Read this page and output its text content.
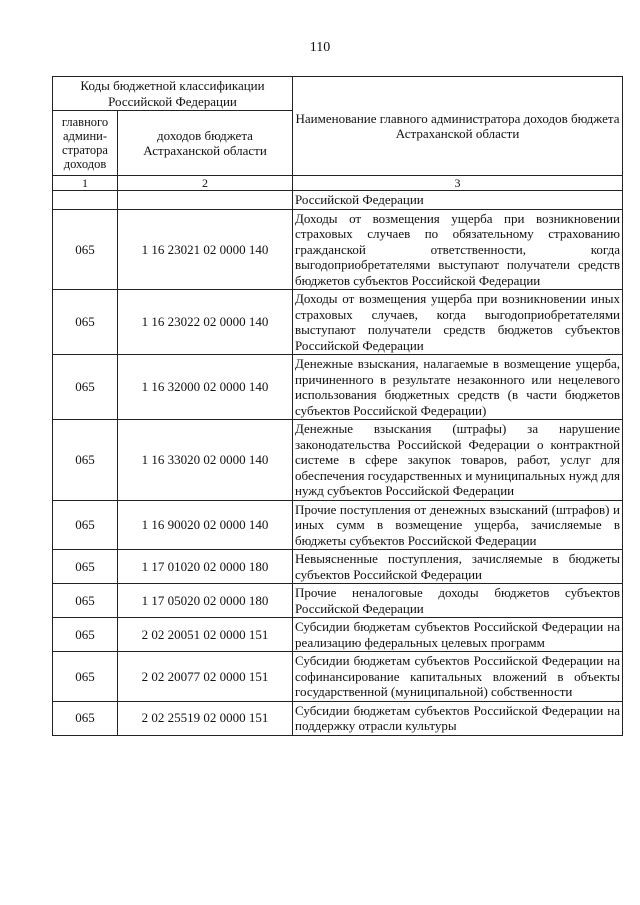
110
Коды бюджетной классификации Российской Федерации		Наименование главного администратора доходов бюджета Астраханской области
главного админи-стратора доходов	доходов бюджета Астраханской области	
1	2	3
		Российской Федерации
065	1 16 23021 02 0000 140	Доходы от возмещения ущерба при возникновении страховых случаев по обязательному страхованию гражданской ответственности, когда выгодоприобретателями выступают получатели средств бюджетов субъектов Российской Федерации
065	1 16 23022 02 0000 140	Доходы от возмещения ущерба при возникновении иных страховых случаев, когда выгодоприобретателями выступают получатели средств бюджетов субъектов Российской Федерации
065	1 16 32000 02 0000 140	Денежные взыскания, налагаемые в возмещение ущерба, причиненного в результате незаконного или нецелевого использования бюджетных средств (в части бюджетов субъектов Российской Федерации)
065	1 16 33020 02 0000 140	Денежные взыскания (штрафы) за нарушение законодательства Российской Федерации о контрактной системе в сфере закупок товаров, работ, услуг для обеспечения государственных и муниципальных нужд для нужд субъектов Российской Федерации
065	1 16 90020 02 0000 140	Прочие поступления от денежных взысканий (штрафов) и иных сумм в возмещение ущерба, зачисляемые в бюджеты субъектов Российской Федерации
065	1 17 01020 02 0000 180	Невыясненные поступления, зачисляемые в бюджеты субъектов Российской Федерации
065	1 17 05020 02 0000 180	Прочие неналоговые доходы бюджетов субъектов Российской Федерации
065	2 02 20051 02 0000 151	Субсидии бюджетам субъектов Российской Федерации на реализацию федеральных целевых программ
065	2 02 20077 02 0000 151	Субсидии бюджетам субъектов Российской Федерации на софинансирование капитальных вложений в объекты государственной (муниципальной) собственности
065	2 02 25519 02 0000 151	Субсидии бюджетам субъектов Российской Федерации на поддержку отрасли культуры
